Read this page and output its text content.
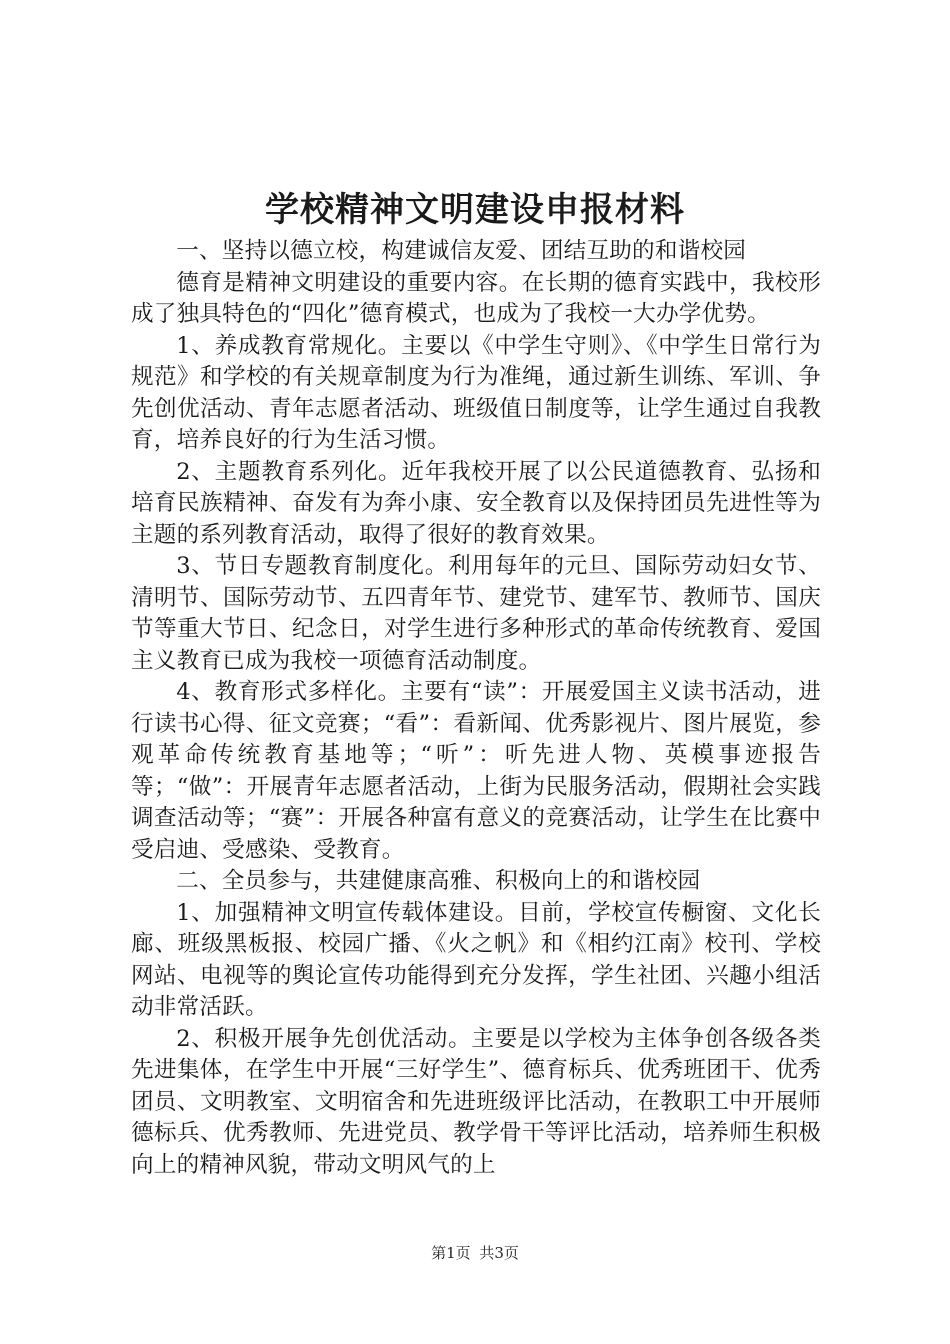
学校精神文明建设申报材料

一、坚持以德立校，构建诚信友爱、团结互助的和谐校园

德育是精神文明建设的重要内容。在长期的德育实践中，我校形成了独具特色的“四化”德育模式，也成为了我校一大办学优势。

1、养成教育常规化。主要以《中学生守则》、《中学生日常行为规范》和学校的有关规章制度为行为准绳，通过新生训练、军训、争先创优活动、青年志愿者活动、班级值日制度等，让学生通过自我教育，培养良好的行为生活习惯。

2、主题教育系列化。近年我校开展了以公民道德教育、弘扬和培育民族精神、奋发有为奔小康、安全教育以及保持团员先进性等为主题的系列教育活动，取得了很好的教育效果。

3、节日专题教育制度化。利用每年的元旦、国际劳动妇女节、清明节、国际劳动节、五四青年节、建党节、建军节、教师节、国庆节等重大节日、纪念日，对学生进行多种形式的革命传统教育、爱国主义教育已成为我校一项德育活动制度。

4、教育形式多样化。主要有“读”：开展爱国主义读书活动，进行读书心得、征文竞赛；“看”：看新闻、优秀影视片、图片展览，参观革命传统教育基地等；“听”：听先进人物、英模事迹报告等；“做”：开展青年志愿者活动，上街为民服务活动，假期社会实践调查活动等；“赛”：开展各种富有意义的竞赛活动，让学生在比赛中受启迪、受感染、受教育。

二、全员参与，共建健康高雅、积极向上的和谐校园

1、加强精神文明宣传载体建设。目前，学校宣传橱窗、文化长廊、班级黑板报、校园广播、《火之帆》和《相约江南》校刊、学校网站、电视等的舆论宣传功能得到充分发挥，学生社团、兴趣小组活动非常活跃。

2、积极开展争先创优活动。主要是以学校为主体争创各级各类先进集体，在学生中开展“三好学生”、德育标兵、优秀班团干、优秀团员、文明教室、文明宿舍和先进班级评比活动，在教职工中开展师德标兵、优秀教师、先进党员、教学骨干等评比活动，培养师生积极向上的精神风貌，带动文明风气的上

第1页 共3页
